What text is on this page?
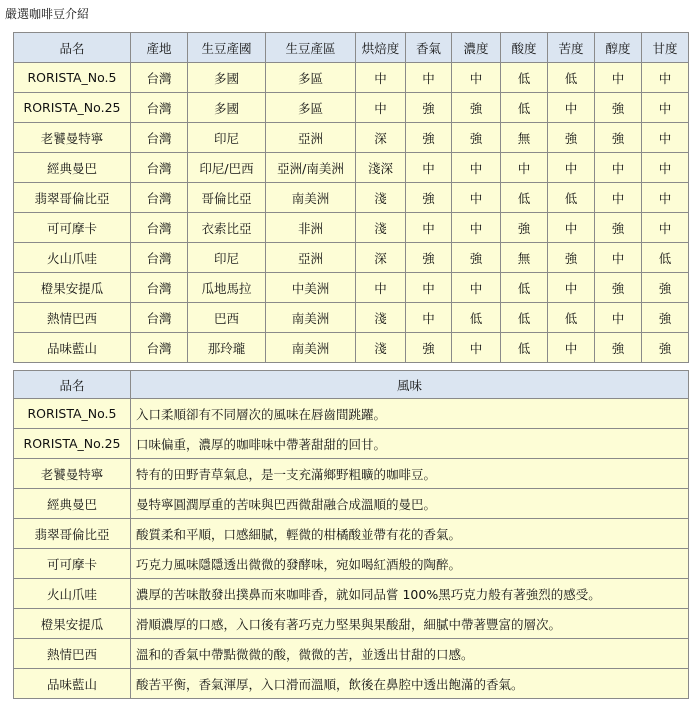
嚴選咖啡豆介紹
品名	產地	生豆產國	生豆產區	烘焙度	香氣	濃度	酸度	苦度	醇度	甘度
RORISTA_No.5	台灣	多國	多區	中	中	中	低	低	中	中
RORISTA_No.25	台灣	多國	多區	中	強	強	低	中	強	中
老饕曼特寧	台灣	印尼	亞洲	深	強	強	無	強	強	中
經典曼巴	台灣	印尼/巴西	亞洲/南美洲	淺深	中	中	中	中	中	中
翡翠哥倫比亞	台灣	哥倫比亞	南美洲	淺	強	中	低	低	中	中
可可摩卡	台灣	衣索比亞	非洲	淺	中	中	強	中	強	中
火山爪哇	台灣	印尼	亞洲	深	強	強	無	強	中	低
橙果安提瓜	台灣	瓜地馬拉	中美洲	中	中	中	低	中	強	強
熱情巴西	台灣	巴西	南美洲	淺	中	低	低	低	中	強
品味藍山	台灣	那玲瓏	南美洲	淺	強	中	低	中	強	強
品名	風味
RORISTA_No.5	入口柔順卻有不同層次的風味在唇齒間跳躍。
RORISTA_No.25	口味偏重，濃厚的咖啡味中帶著甜甜的回甘。
老饕曼特寧	特有的田野青草氣息，是一支充滿鄉野粗曠的咖啡豆。
經典曼巴	曼特寧圓潤厚重的苦味與巴西微甜融合成溫順的曼巴。
翡翠哥倫比亞	酸質柔和平順，口感細膩，輕微的柑橘酸並帶有花的香氣。
可可摩卡	巧克力風味隱隱透出微微的發酵味，宛如喝紅酒般的陶醉。
火山爪哇	濃厚的苦味散發出撲鼻而來咖啡香，就如同品嘗 100%黑巧克力般有著強烈的感受。
橙果安提瓜	滑順濃厚的口感，入口後有著巧克力堅果與果酸甜，細膩中帶著豐富的層次。
熱情巴西	溫和的香氣中帶點微微的酸，微微的苦，並透出甘甜的口感。
品味藍山	酸苦平衡，香氣渾厚，入口滑而溫順，飲後在鼻腔中透出飽滿的香氣。
